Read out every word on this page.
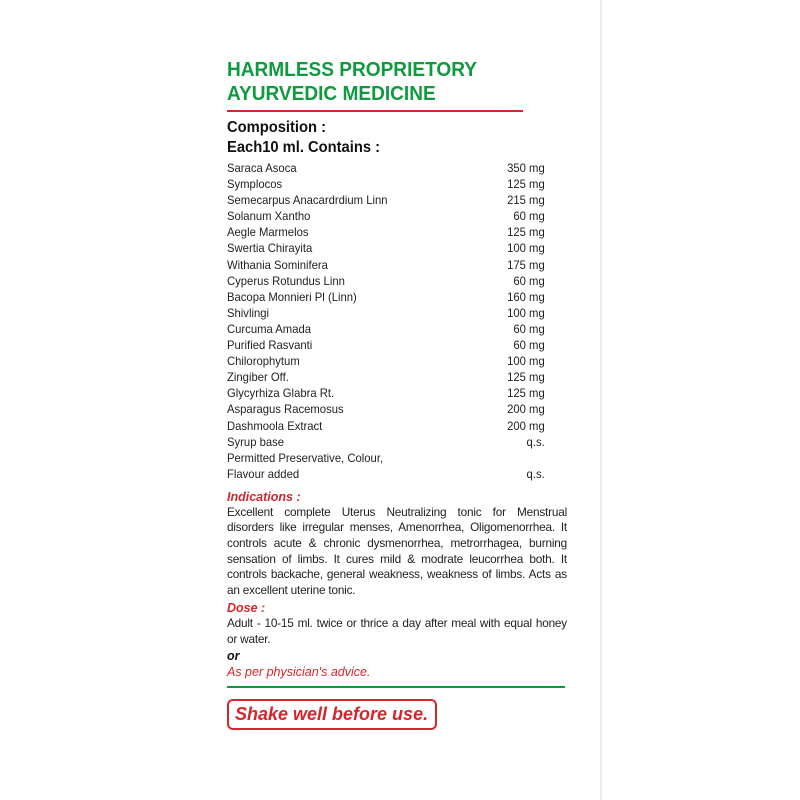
HARMLESS PROPRIETORY
AYURVEDIC MEDICINE
Composition :
Each10 ml. Contains :
Saraca Asoca	350 mg
Symplocos	125 mg
Semecarpus Anacardrdium Linn	215 mg
Solanum Xantho	60 mg
Aegle Marmelos	125 mg
Swertia Chirayita	100 mg
Withania Sominifera	175 mg
Cyperus Rotundus Linn	60 mg
Bacopa Monnieri Pl (Linn)	160 mg
Shivlingi	100 mg
Curcuma Amada	60 mg
Purified Rasvanti	60 mg
Chilorophytum	100 mg
Zingiber Off.	125 mg
Glycyrhiza Glabra Rt.	125 mg
Asparagus Racemosus	200 mg
Dashmoola Extract	200 mg
Syrup base	q.s.
Permitted Preservative, Colour,
Flavour added	q.s.
Indications :
Excellent complete Uterus Neutralizing tonic for Menstrual disorders like irregular menses, Amenorrhea, Oligomenorrhea. It controls acute & chronic dysmenorrhea, metrorrhagea, burning sensation of limbs. It cures mild & modrate leucorrhea both. It controls backache, general weakness, weakness of limbs. Acts as an excellent uterine tonic.
Dose :
Adult - 10-15 ml. twice or thrice a day after meal with equal honey or water.
or
As per physician's advice.
Shake well before use.
